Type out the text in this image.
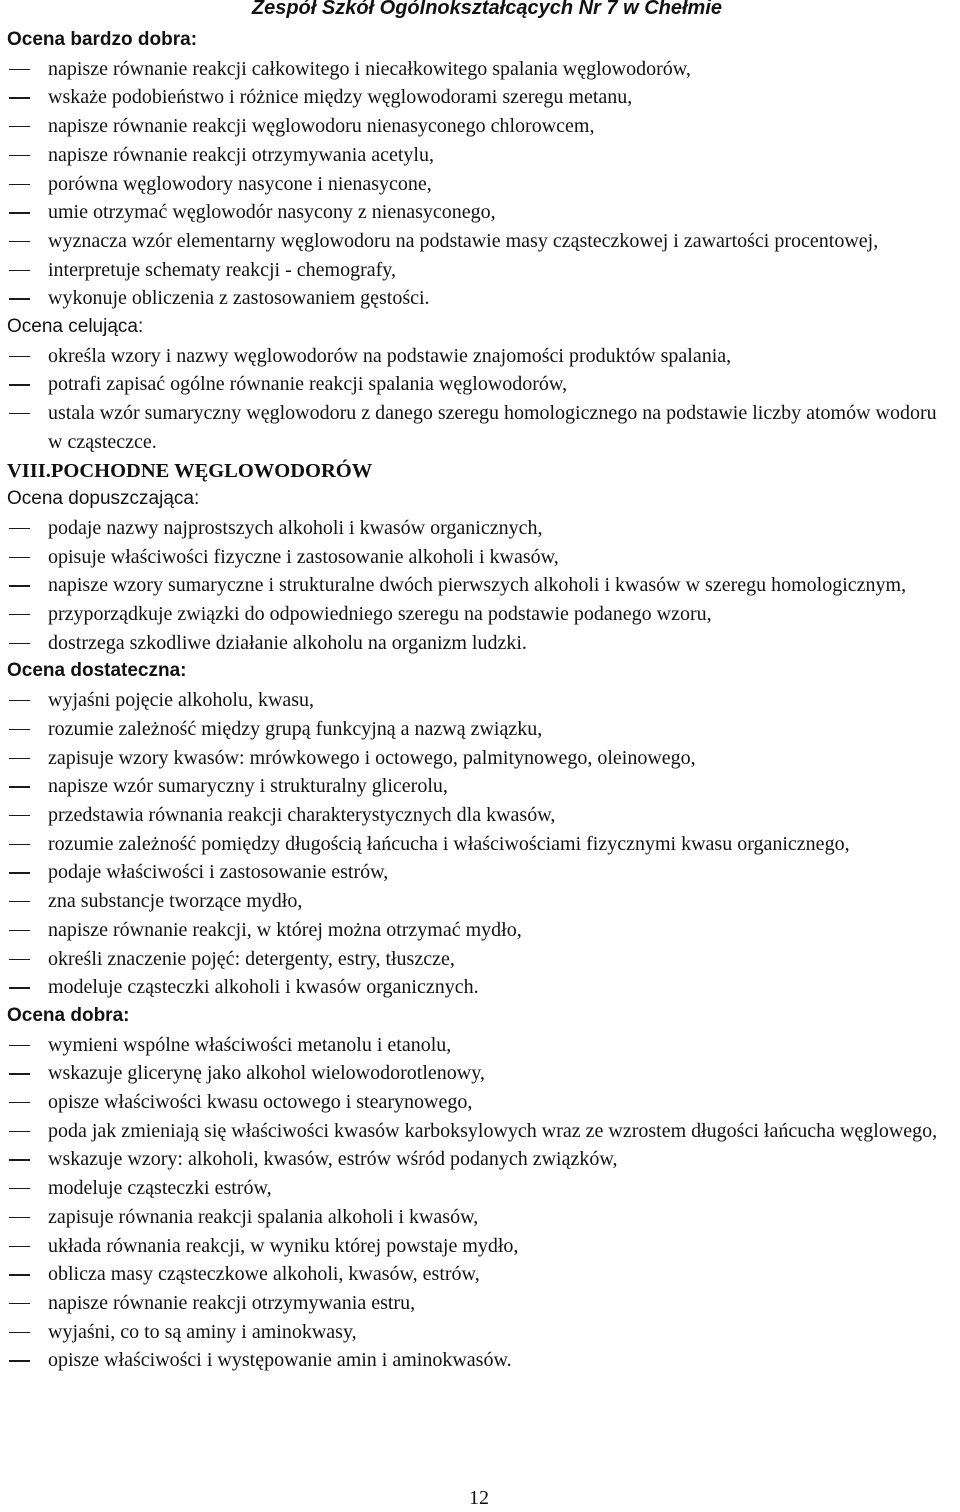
Zespół Szkół Ogólnokształcących Nr 7 w Chełmie
Ocena bardzo dobra:
napisze równanie reakcji całkowitego i niecałkowitego spalania węglowodorów,
wskaże podobieństwo i różnice między węglowodorami szeregu metanu,
napisze równanie reakcji węglowodoru nienasyconego chlorowcem,
napisze równanie reakcji otrzymywania acetylu,
porówna węglowodory nasycone i nienasycone,
umie otrzymać węglowodór nasycony z nienasyconego,
wyznacza wzór elementarny węglowodoru na podstawie masy cząsteczkowej i zawartości procentowej,
interpretuje schematy reakcji - chemografy,
wykonuje obliczenia z zastosowaniem gęstości.
Ocena celująca:
określa wzory i nazwy węglowodorów na podstawie znajomości produktów spalania,
potrafi zapisać ogólne równanie reakcji spalania węglowodorów,
ustala wzór sumaryczny węglowodoru z danego szeregu homologicznego na podstawie liczby atomów wodoru w cząsteczce.
VIII.POCHODNE WĘGLOWODORÓW
Ocena dopuszczająca:
podaje nazwy najprostszych alkoholi i kwasów organicznych,
opisuje właściwości fizyczne i zastosowanie alkoholi i kwasów,
napisze wzory sumaryczne i strukturalne dwóch pierwszych alkoholi i kwasów w szeregu homologicznym,
przyporządkuje związki do odpowiedniego szeregu na podstawie podanego wzoru,
dostrzega szkodliwe działanie alkoholu na organizm ludzki.
Ocena dostateczna:
wyjaśni pojęcie alkoholu, kwasu,
rozumie zależność między grupą funkcyjną a nazwą związku,
zapisuje wzory kwasów: mrówkowego i octowego, palmitynowego, oleinowego,
napisze wzór sumaryczny i strukturalny glicerolu,
przedstawia równania reakcji charakterystycznych dla kwasów,
rozumie zależność pomiędzy długością łańcucha i właściwościami fizycznymi kwasu organicznego,
podaje właściwości i zastosowanie estrów,
zna substancje tworzące mydło,
napisze równanie reakcji, w której można otrzymać mydło,
określi znaczenie pojęć: detergenty, estry, tłuszcze,
modeluje cząsteczki alkoholi i kwasów organicznych.
Ocena dobra:
wymieni wspólne właściwości metanolu i etanolu,
wskazuje glicerynę jako alkohol wielowodorotlenowy,
opisze właściwości kwasu octowego i stearynowego,
poda jak zmieniają się właściwości kwasów karboksylowych wraz ze wzrostem długości łańcucha węglowego,
wskazuje wzory: alkoholi, kwasów, estrów wśród podanych związków,
modeluje cząsteczki estrów,
zapisuje równania reakcji spalania alkoholi i kwasów,
układa równania reakcji, w wyniku której powstaje mydło,
oblicza masy cząsteczkowe alkoholi, kwasów, estrów,
napisze równanie reakcji otrzymywania estru,
wyjaśni, co to są aminy i aminokwasy,
opisze właściwości i występowanie amin i aminokwasów.
12
